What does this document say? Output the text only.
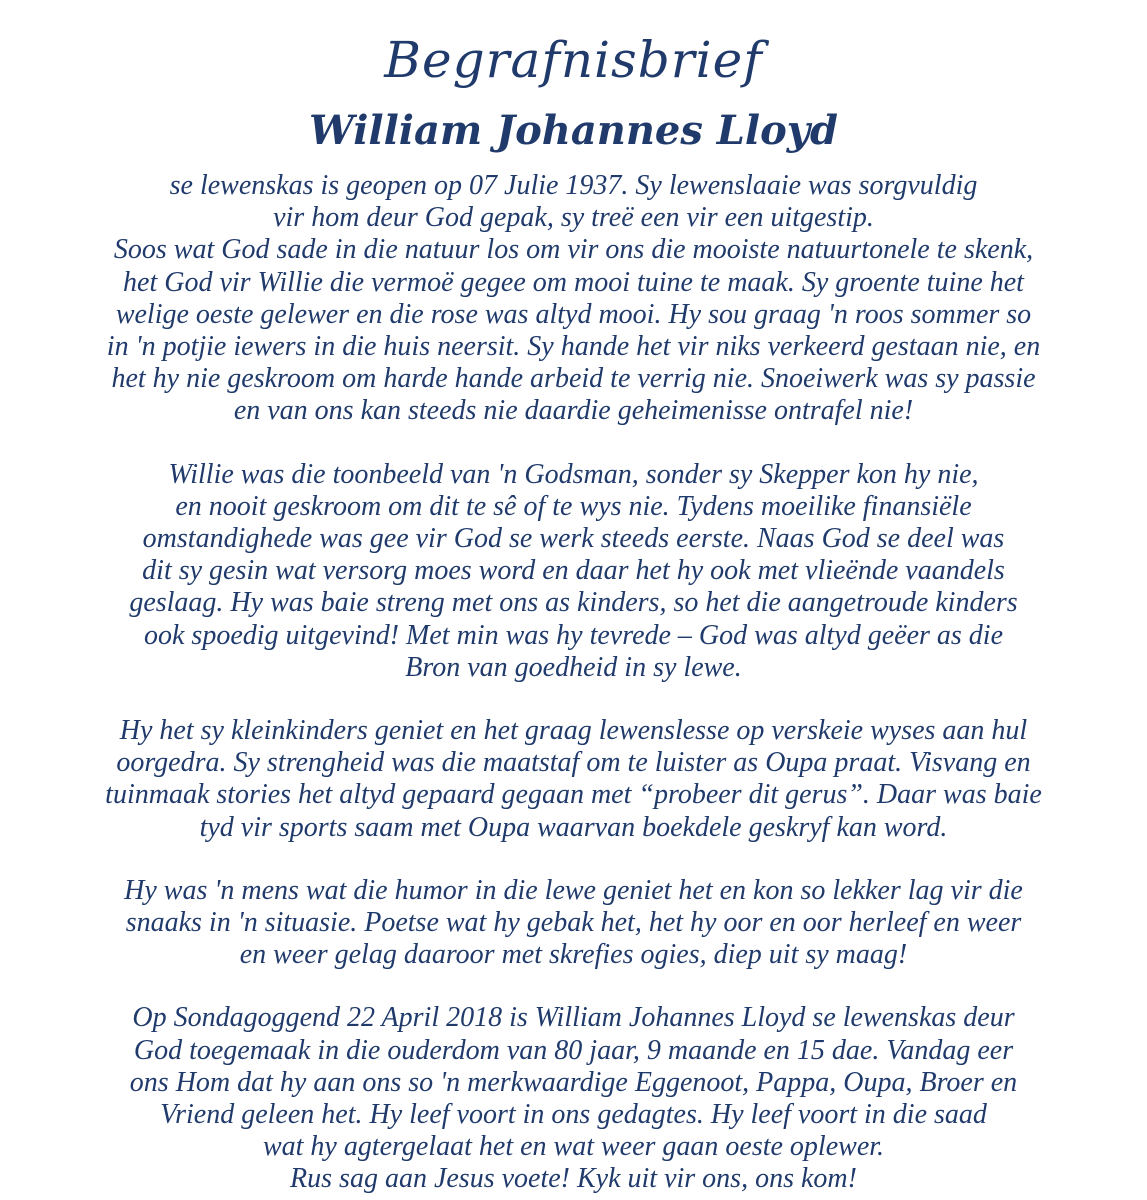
Begrafnisbrief
William Johannes Lloyd

se lewenskas is geopen op 07 Julie 1937. Sy lewenslaaie was sorgvuldig
vir hom deur God gepak, sy treë een vir een uitgestip.
Soos wat God sade in die natuur los om vir ons die mooiste natuurtonele te skenk,
het God vir Willie die vermoë gegee om mooi tuine te maak. Sy groente tuine het
welige oeste gelewer en die rose was altyd mooi. Hy sou graag 'n roos sommer so
in 'n potjie iewers in die huis neersit. Sy hande het vir niks verkeerd gestaan nie, en
het hy nie geskroom om harde hande arbeid te verrig nie. Snoeiwerk was sy passie
en van ons kan steeds nie daardie geheimenisse ontrafel nie!

Willie was die toonbeeld van 'n Godsman, sonder sy Skepper kon hy nie,
en nooit geskroom om dit te sê of te wys nie. Tydens moeilike finansiële
omstandighede was gee vir God se werk steeds eerste. Naas God se deel was
dit sy gesin wat versorg moes word en daar het hy ook met vlieënde vaandels
geslaag. Hy was baie streng met ons as kinders, so het die aangetroude kinders
ook spoedig uitgevind! Met min was hy tevrede – God was altyd geëer as die
Bron van goedheid in sy lewe.

Hy het sy kleinkinders geniet en het graag lewenslesse op verskeie wyses aan hul
oorgedra. Sy strengheid was die maatstaf om te luister as Oupa praat. Visvang en
tuinmaak stories het altyd gepaard gegaan met “probeer dit gerus”. Daar was baie
tyd vir sports saam met Oupa waarvan boekdele geskryf kan word.

Hy was 'n mens wat die humor in die lewe geniet het en kon so lekker lag vir die
snaaks in 'n situasie. Poetse wat hy gebak het, het hy oor en oor herleef en weer
en weer gelag daaroor met skrefies ogies, diep uit sy maag!

Op Sondagoggend 22 April 2018 is William Johannes Lloyd se lewenskas deur
God toegemaak in die ouderdom van 80 jaar, 9 maande en 15 dae. Vandag eer
ons Hom dat hy aan ons so 'n merkwaardige Eggenoot, Pappa, Oupa, Broer en
Vriend geleen het. Hy leef voort in ons gedagtes. Hy leef voort in die saad
wat hy agtergelaat het en wat weer gaan oeste oplewer.
Rus sag aan Jesus voete! Kyk uit vir ons, ons kom!
